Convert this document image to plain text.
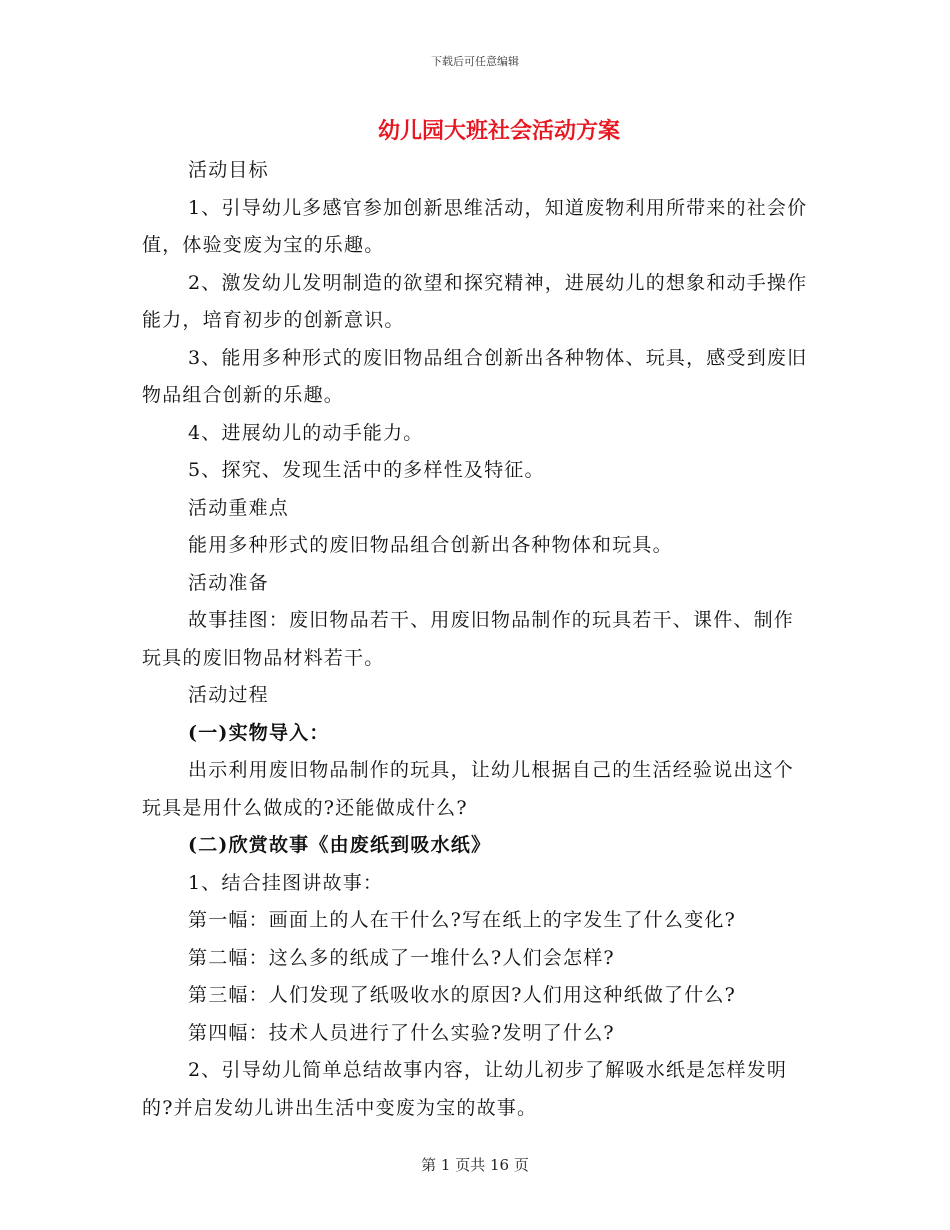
下载后可任意编辑
幼儿园大班社会活动方案

活动目标

1、引导幼儿多感官参加创新思维活动，知道废物利用所带来的社会价值，体验变废为宝的乐趣。

2、激发幼儿发明制造的欲望和探究精神，进展幼儿的想象和动手操作能力，培育初步的创新意识。

3、能用多种形式的废旧物品组合创新出各种物体、玩具，感受到废旧物品组合创新的乐趣。

4、进展幼儿的动手能力。

5、探究、发现生活中的多样性及特征。

活动重难点

能用多种形式的废旧物品组合创新出各种物体和玩具。

活动准备

故事挂图：废旧物品若干、用废旧物品制作的玩具若干、课件、制作玩具的废旧物品材料若干。

活动过程

(一)实物导入：

出示利用废旧物品制作的玩具，让幼儿根据自己的生活经验说出这个玩具是用什么做成的?还能做成什么?

(二)欣赏故事《由废纸到吸水纸》

1、结合挂图讲故事：

第一幅：画面上的人在干什么?写在纸上的字发生了什么变化?

第二幅：这么多的纸成了一堆什么?人们会怎样?

第三幅：人们发现了纸吸收水的原因?人们用这种纸做了什么?

第四幅：技术人员进行了什么实验?发明了什么?

2、引导幼儿简单总结故事内容，让幼儿初步了解吸水纸是怎样发明的?并启发幼儿讲出生活中变废为宝的故事。

第 1 页共 16 页
